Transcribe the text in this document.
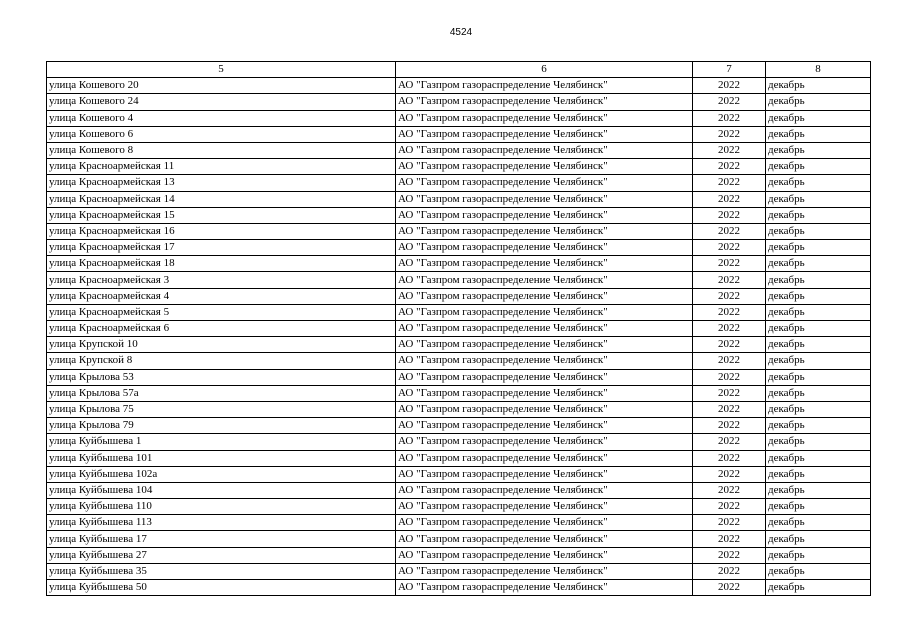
4524
5	6	7	8
улица Кошевого 20	АО "Газпром газораспределение Челябинск"	2022	декабрь
улица Кошевого 24	АО "Газпром газораспределение Челябинск"	2022	декабрь
улица Кошевого 4	АО "Газпром газораспределение Челябинск"	2022	декабрь
улица Кошевого 6	АО "Газпром газораспределение Челябинск"	2022	декабрь
улица Кошевого 8	АО "Газпром газораспределение Челябинск"	2022	декабрь
улица Красноармейская 11	АО "Газпром газораспределение Челябинск"	2022	декабрь
улица Красноармейская 13	АО "Газпром газораспределение Челябинск"	2022	декабрь
улица Красноармейская 14	АО "Газпром газораспределение Челябинск"	2022	декабрь
улица Красноармейская 15	АО "Газпром газораспределение Челябинск"	2022	декабрь
улица Красноармейская 16	АО "Газпром газораспределение Челябинск"	2022	декабрь
улица Красноармейская 17	АО "Газпром газораспределение Челябинск"	2022	декабрь
улица Красноармейская 18	АО "Газпром газораспределение Челябинск"	2022	декабрь
улица Красноармейская 3	АО "Газпром газораспределение Челябинск"	2022	декабрь
улица Красноармейская 4	АО "Газпром газораспределение Челябинск"	2022	декабрь
улица Красноармейская 5	АО "Газпром газораспределение Челябинск"	2022	декабрь
улица Красноармейская 6	АО "Газпром газораспределение Челябинск"	2022	декабрь
улица Крупской 10	АО "Газпром газораспределение Челябинск"	2022	декабрь
улица Крупской 8	АО "Газпром газораспределение Челябинск"	2022	декабрь
улица Крылова 53	АО "Газпром газораспределение Челябинск"	2022	декабрь
улица Крылова 57а	АО "Газпром газораспределение Челябинск"	2022	декабрь
улица Крылова 75	АО "Газпром газораспределение Челябинск"	2022	декабрь
улица Крылова 79	АО "Газпром газораспределение Челябинск"	2022	декабрь
улица Куйбышева 1	АО "Газпром газораспределение Челябинск"	2022	декабрь
улица Куйбышева 101	АО "Газпром газораспределение Челябинск"	2022	декабрь
улица Куйбышева 102а	АО "Газпром газораспределение Челябинск"	2022	декабрь
улица Куйбышева 104	АО "Газпром газораспределение Челябинск"	2022	декабрь
улица Куйбышева 110	АО "Газпром газораспределение Челябинск"	2022	декабрь
улица Куйбышева 113	АО "Газпром газораспределение Челябинск"	2022	декабрь
улица Куйбышева 17	АО "Газпром газораспределение Челябинск"	2022	декабрь
улица Куйбышева 27	АО "Газпром газораспределение Челябинск"	2022	декабрь
улица Куйбышева 35	АО "Газпром газораспределение Челябинск"	2022	декабрь
улица Куйбышева 50	АО "Газпром газораспределение Челябинск"	2022	декабрь
